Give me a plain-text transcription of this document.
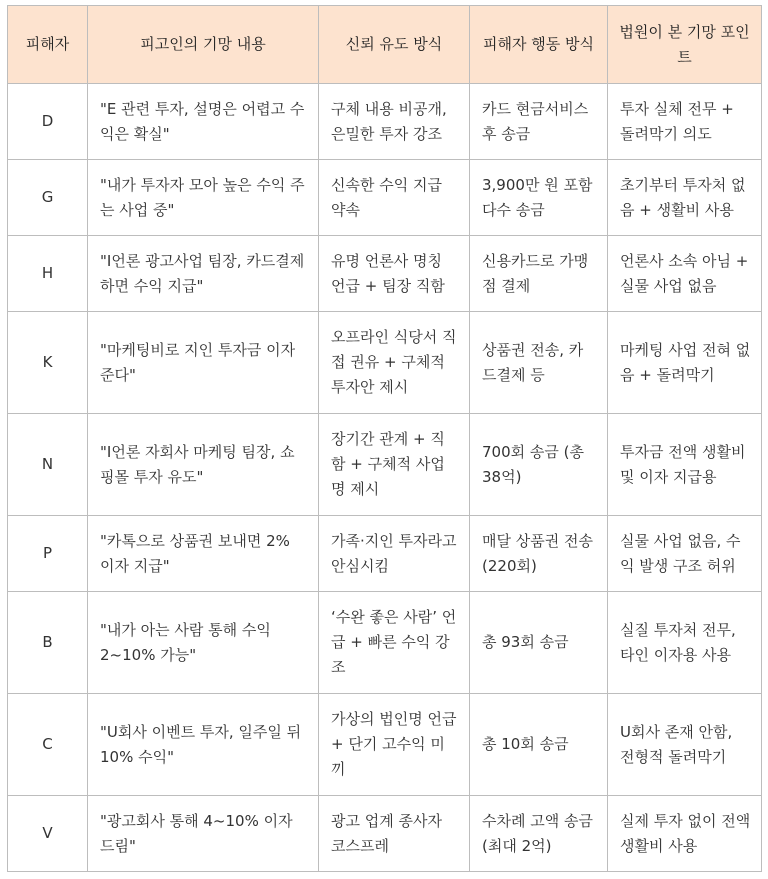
피해자	피고인의 기망 내용	신뢰 유도 방식	피해자 행동 방식	법원이 본 기망 포인트
D	"E 관련 투자, 설명은 어렵고 수익은 확실"	구체 내용 비공개, 은밀한 투자 강조	카드 현금서비스 후 송금	투자 실체 전무 + 돌려막기 의도
G	"내가 투자자 모아 높은 수익 주는 사업 중"	신속한 수익 지급 약속	3,900만 원 포함 다수 송금	초기부터 투자처 없음 + 생활비 사용
H	"I언론 광고사업 팀장, 카드결제하면 수익 지급"	유명 언론사 명칭 언급 + 팀장 직함	신용카드로 가맹점 결제	언론사 소속 아님 + 실물 사업 없음
K	"마케팅비로 지인 투자금 이자 준다"	오프라인 식당서 직접 권유 + 구체적 투자안 제시	상품권 전송, 카드결제 등	마케팅 사업 전혀 없음 + 돌려막기
N	"I언론 자회사 마케팅 팀장, 쇼핑몰 투자 유도"	장기간 관계 + 직함 + 구체적 사업명 제시	700회 송금 (총 38억)	투자금 전액 생활비 및 이자 지급용
P	"카톡으로 상품권 보내면 2% 이자 지급"	가족·지인 투자라고 안심시킴	매달 상품권 전송 (220회)	실물 사업 없음, 수익 발생 구조 허위
B	"내가 아는 사람 통해 수익 2~10% 가능"	‘수완 좋은 사람’ 언급 + 빠른 수익 강조	총 93회 송금	실질 투자처 전무, 타인 이자용 사용
C	"U회사 이벤트 투자, 일주일 뒤 10% 수익"	가상의 법인명 언급 + 단기 고수익 미끼	총 10회 송금	U회사 존재 안함, 전형적 돌려막기
V	"광고회사 통해 4~10% 이자 드림"	광고 업계 종사자 코스프레	수차례 고액 송금 (최대 2억)	실제 투자 없이 전액 생활비 사용
